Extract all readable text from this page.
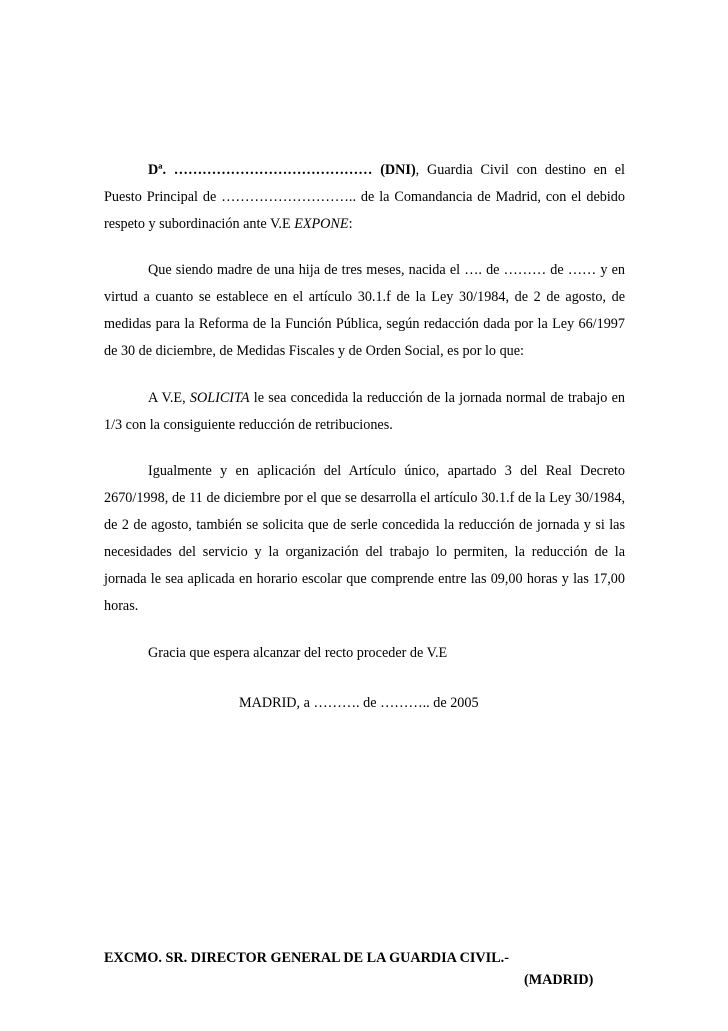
Dª. …………………………………… (DNI), Guardia Civil con destino en el Puesto Principal de ……………………….. de la Comandancia de Madrid, con el debido respeto y subordinación ante V.E EXPONE:

Que siendo madre de una hija de tres meses, nacida el …. de ……… de …… y en virtud a cuanto se establece en el artículo 30.1.f de la Ley 30/1984, de 2 de agosto, de medidas para la Reforma de la Función Pública, según redacción dada por la Ley 66/1997 de 30 de diciembre, de Medidas Fiscales y de Orden Social, es por lo que:

A V.E, SOLICITA le sea concedida la reducción de la jornada normal de trabajo en 1/3 con la consiguiente reducción de retribuciones.

Igualmente y en aplicación del Artículo único, apartado 3 del Real Decreto 2670/1998, de 11 de diciembre por el que se desarrolla el artículo 30.1.f de la Ley 30/1984, de 2 de agosto, también se solicita que de serle concedida la reducción de jornada y si las necesidades del servicio y la organización del trabajo lo permiten, la reducción de la jornada le sea aplicada en horario escolar que comprende entre las 09,00 horas y las 17,00 horas.

Gracia que espera alcanzar del recto proceder de V.E

MADRID, a ………. de ……….. de 2005

EXCMO. SR. DIRECTOR GENERAL DE LA GUARDIA CIVIL.-

(MADRID)
